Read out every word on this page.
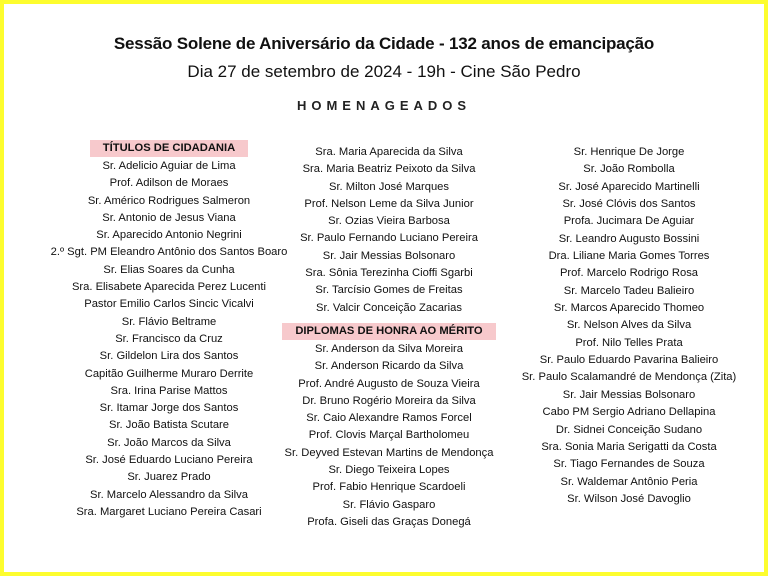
Sessão Solene de Aniversário da Cidade - 132 anos de emancipação
Dia 27 de setembro de 2024 - 19h - Cine São Pedro
HOMENAGEADOS
TÍTULOS DE CIDADANIA
Sr. Adelicio Aguiar de Lima
Prof. Adilson de Moraes
Sr. Américo Rodrigues Salmeron
Sr. Antonio de Jesus Viana
Sr. Aparecido Antonio Negrini
2.º Sgt. PM Eleandro Antônio dos Santos Boaro
Sr. Elias Soares da Cunha
Sra. Elisabete Aparecida Perez Lucenti
Pastor Emilio Carlos Sincic Vicalvi
Sr. Flávio Beltrame
Sr. Francisco da Cruz
Sr. Gildelon Lira dos Santos
Capitão Guilherme Muraro Derrite
Sra. Irina Parise Mattos
Sr. Itamar Jorge dos Santos
Sr. João Batista Scutare
Sr. João Marcos da Silva
Sr. José Eduardo Luciano Pereira
Sr. Juarez Prado
Sr. Marcelo Alessandro da Silva
Sra. Margaret Luciano Pereira Casari
Sra. Maria Aparecida da Silva
Sra. Maria Beatriz Peixoto da Silva
Sr. Milton José Marques
Prof. Nelson Leme da Silva Junior
Sr. Ozias Vieira Barbosa
Sr. Paulo Fernando Luciano Pereira
Sr. Jair Messias Bolsonaro
Sra. Sônia Terezinha Cioffi Sgarbi
Sr. Tarcísio Gomes de Freitas
Sr. Valcir Conceição Zacarias
DIPLOMAS DE HONRA AO MÉRITO
Sr. Anderson da Silva Moreira
Sr. Anderson Ricardo da Silva
Prof. André Augusto de Souza Vieira
Dr. Bruno Rogério Moreira da Silva
Sr. Caio Alexandre Ramos Forcel
Prof. Clovis Marçal Bartholomeu
Sr. Deyved Estevan Martins de Mendonça
Sr. Diego Teixeira Lopes
Prof. Fabio Henrique Scardoeli
Sr. Flávio Gasparo
Profa. Giseli das Graças Donegá
Sr. Henrique De Jorge
Sr. João Rombolla
Sr. José Aparecido Martinelli
Sr. José Clóvis dos Santos
Profa. Jucimara De Aguiar
Sr. Leandro Augusto Bossini
Dra. Liliane Maria Gomes Torres
Prof. Marcelo Rodrigo Rosa
Sr. Marcelo Tadeu Balieiro
Sr. Marcos Aparecido Thomeo
Sr. Nelson Alves da Silva
Prof. Nilo Telles Prata
Sr. Paulo Eduardo Pavarina Balieiro
Sr. Paulo Scalamandré de Mendonça (Zita)
Sr. Jair Messias Bolsonaro
Cabo PM Sergio Adriano Dellapina
Dr. Sidnei Conceição Sudano
Sra. Sonia Maria Serigatti da Costa
Sr. Tiago Fernandes de Souza
Sr. Waldemar Antônio Peria
Sr. Wilson José Davoglio
